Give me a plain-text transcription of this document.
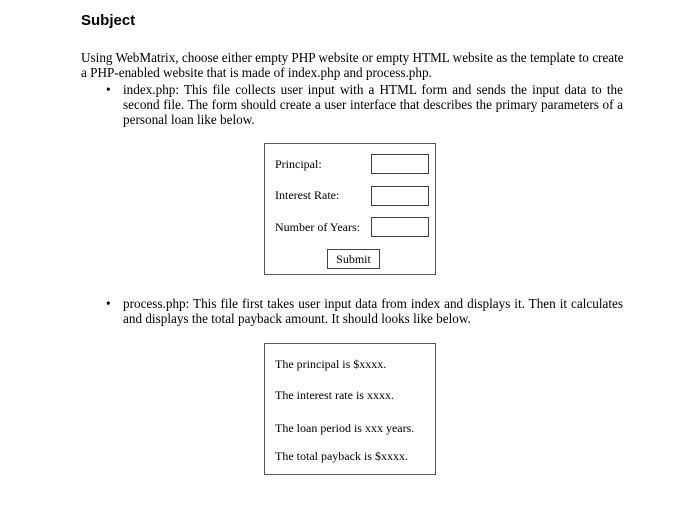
Subject

Using WebMatrix, choose either empty PHP website or empty HTML website as the template to create a PHP-enabled website that is made of index.php and process.php.

• index.php: This file collects user input with a HTML form and sends the input data to the second file. The form should create a user interface that describes the primary parameters of a personal loan like below.

Principal:
Interest Rate:
Number of Years:
Submit
• process.php: This file first takes user input data from index and displays it. Then it calculates and displays the total payback amount. It should looks like below.

The principal is $xxxx.
The interest rate is xxxx.
The loan period is xxx years.
The total payback is $xxxx.
